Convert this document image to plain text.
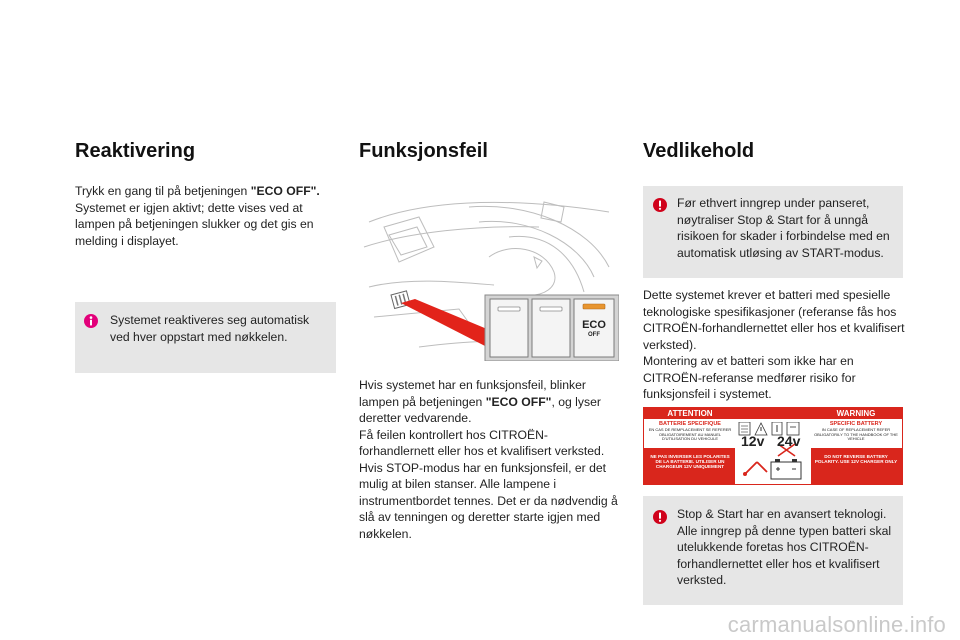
Reaktivering

Trykk en gang til på betjeningen "ECO OFF". Systemet er igjen aktivt; dette vises ved at lampen på betjeningen slukker og det gis en melding i displayet.

Systemet reaktiveres seg automatisk ved hver oppstart med nøkkelen.
Funksjonsfeil
ECO
OFF

Hvis systemet har en funksjonsfeil, blinker lampen på betjeningen "ECO OFF", og lyser deretter vedvarende.
Få feilen kontrollert hos CITROËN-forhandlernett eller hos et kvalifisert verksted.
Hvis STOP-modus har en funksjonsfeil, er det mulig at bilen stanser. Alle lampene i instrumentbordet tennes. Det er da nødvendig å slå av tenningen og deretter starte igjen med nøkkelen.

Vedlikehold
Før ethvert inngrep under panseret, nøytraliser Stop & Start for å unngå risikoen for skader i forbindelse med en automatisk utløsing av START-modus.

Dette systemet krever et batteri med spesielle teknologiske spesifikasjoner (referanse fås hos CITROËN-forhandlernettet eller hos et kvalifisert verksted).
Montering av et batteri som ikke har en CITROËN-referanse medfører risiko for funksjonsfeil i systemet.

ATTENTION	WARNING
BATTERIE SPECIFIQUE
EN CAS DE REMPLACEMENT SE REFERER OBLIGATOIREMENT AU MANUEL D'UTILISATION DU VEHICULE
SPECIFIC BATTERY
IN CASE OF REPLACEMENT REFER OBLIGATORILY TO THE HANDBOOK OF THE VEHICLE
NE PAS INVERSER LES POLARITES DE LA BATTERIE. UTILISER UN CHARGEUR 12V UNIQUEMENT
DO NOT REVERSE BATTERY POLARITY. USE 12V CHARGER ONLY
12v 24v
Stop & Start har en avansert teknologi. Alle inngrep på denne typen batteri skal utelukkende foretas hos CITROËN-forhandlernettet eller hos et kvalifisert verksted.
carmanualsonline.info
